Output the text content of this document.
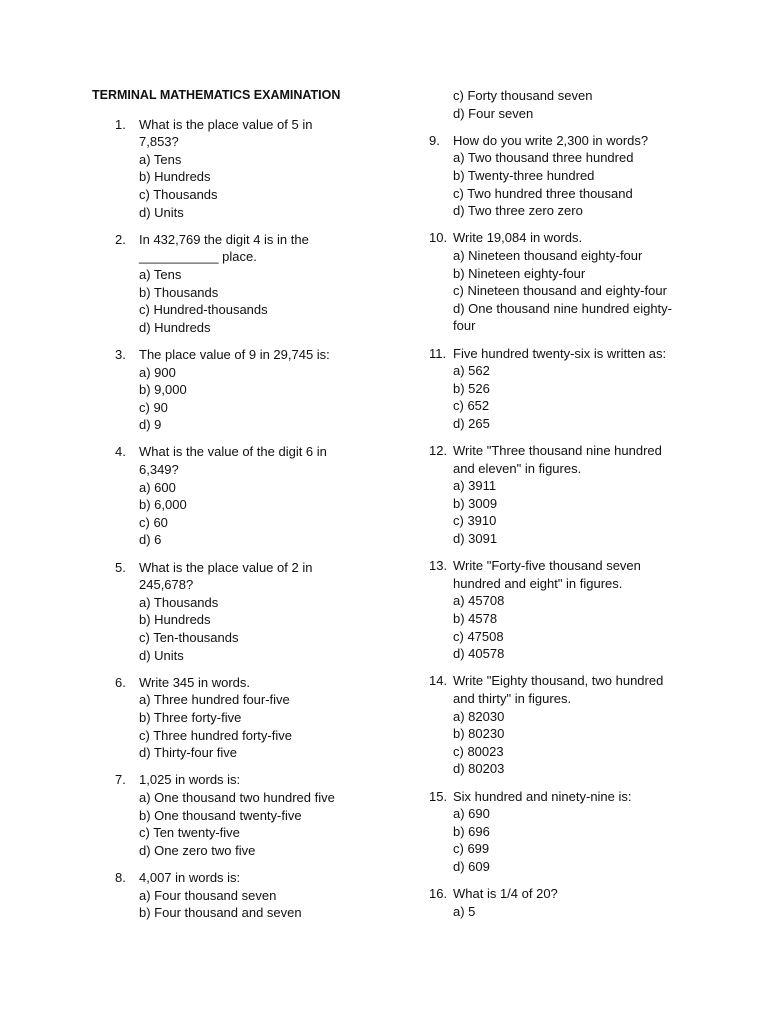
TERMINAL MATHEMATICS EXAMINATION
1. What is the place value of 5 in 7,853?
a) Tens
b) Hundreds
c) Thousands
d) Units
2. In 432,769 the digit 4 is in the ___________ place.
a) Tens
b) Thousands
c) Hundred-thousands
d) Hundreds
3. The place value of 9 in 29,745 is:
a) 900
b) 9,000
c) 90
d) 9
4. What is the value of the digit 6 in 6,349?
a) 600
b) 6,000
c) 60
d) 6
5. What is the place value of 2 in 245,678?
a) Thousands
b) Hundreds
c) Ten-thousands
d) Units
6. Write 345 in words.
a) Three hundred four-five
b) Three forty-five
c) Three hundred forty-five
d) Thirty-four five
7. 1,025 in words is:
a) One thousand two hundred five
b) One thousand twenty-five
c) Ten twenty-five
d) One zero two five
8. 4,007 in words is:
a) Four thousand seven
b) Four thousand and seven
c) Forty thousand seven
d) Four seven
9. How do you write 2,300 in words?
a) Two thousand three hundred
b) Twenty-three hundred
c) Two hundred three thousand
d) Two three zero zero
10. Write 19,084 in words.
a) Nineteen thousand eighty-four
b) Nineteen eighty-four
c) Nineteen thousand and eighty-four
d) One thousand nine hundred eighty-four
11. Five hundred twenty-six is written as:
a) 562
b) 526
c) 652
d) 265
12. Write "Three thousand nine hundred and eleven" in figures.
a) 3911
b) 3009
c) 3910
d) 3091
13. Write "Forty-five thousand seven hundred and eight" in figures.
a) 45708
b) 4578
c) 47508
d) 40578
14. Write "Eighty thousand, two hundred and thirty" in figures.
a) 82030
b) 80230
c) 80023
d) 80203
15. Six hundred and ninety-nine is:
a) 690
b) 696
c) 699
d) 609
16. What is 1/4 of 20?
a) 5
